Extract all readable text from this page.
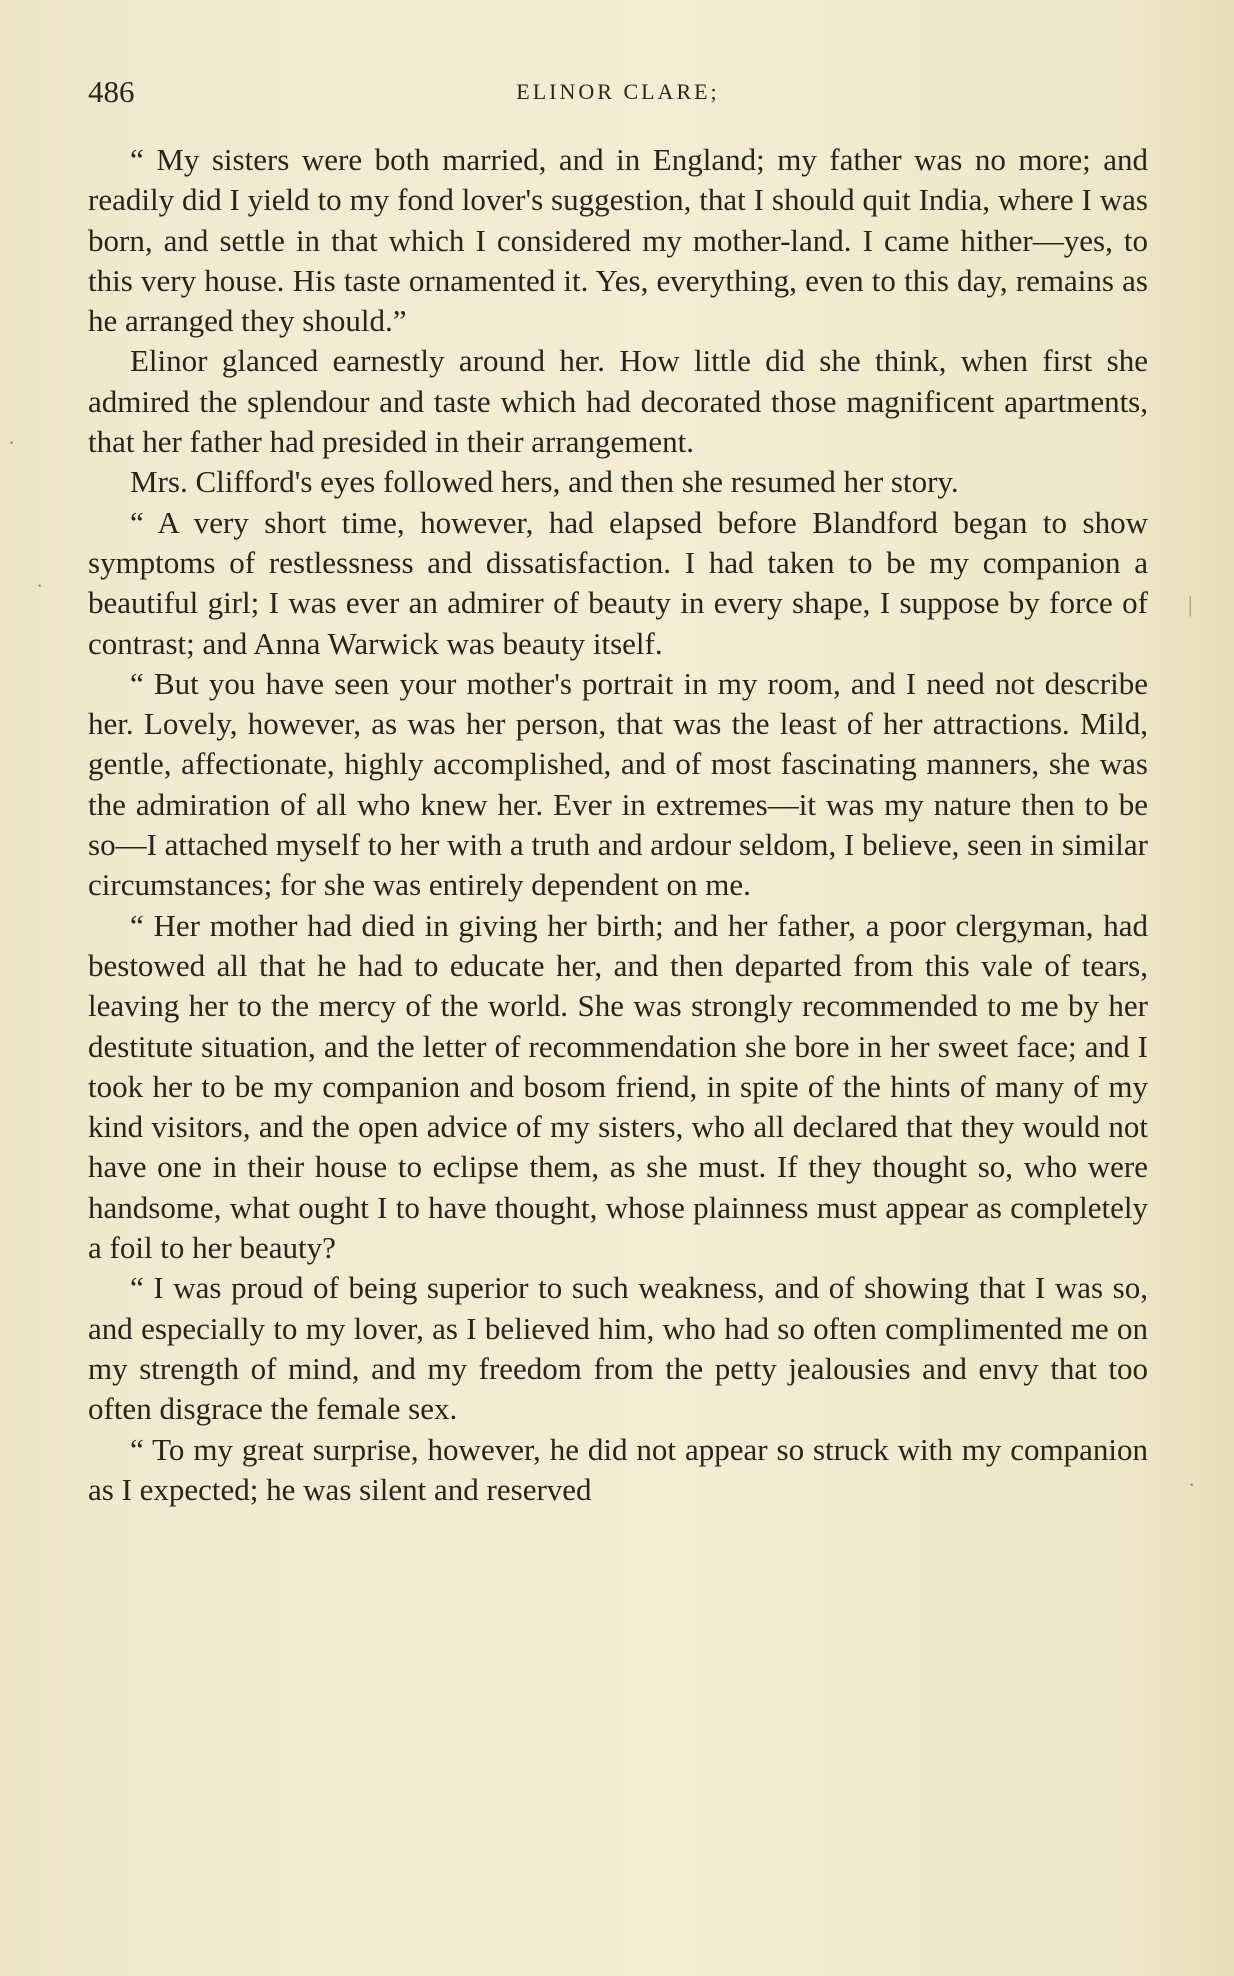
486	ELINOR CLARE;

“ My sisters were both married, and in England; my father was no more; and readily did I yield to my fond lover's suggestion, that I should quit India, where I was born, and settle in that which I considered my mother-land. I came hither—yes, to this very house. His taste ornamented it. Yes, everything, even to this day, remains as he arranged they should.”

Elinor glanced earnestly around her. How little did she think, when first she admired the splendour and taste which had decorated those magnificent apartments, that her father had presided in their arrangement.

Mrs. Clifford's eyes followed hers, and then she resumed her story.

“ A very short time, however, had elapsed before Blandford began to show symptoms of restlessness and dissatisfaction. I had taken to be my companion a beautiful girl; I was ever an admirer of beauty in every shape, I suppose by force of contrast; and Anna Warwick was beauty itself.

“ But you have seen your mother's portrait in my room, and I need not describe her. Lovely, however, as was her person, that was the least of her attractions. Mild, gentle, affectionate, highly accomplished, and of most fascinating manners, she was the admiration of all who knew her. Ever in extremes—it was my nature then to be so—I attached myself to her with a truth and ardour seldom, I believe, seen in similar circumstances; for she was entirely dependent on me.

“ Her mother had died in giving her birth; and her father, a poor clergyman, had bestowed all that he had to educate her, and then departed from this vale of tears, leaving her to the mercy of the world. She was strongly recommended to me by her destitute situation, and the letter of recommendation she bore in her sweet face; and I took her to be my companion and bosom friend, in spite of the hints of many of my kind visitors, and the open advice of my sisters, who all declared that they would not have one in their house to eclipse them, as she must. If they thought so, who were handsome, what ought I to have thought, whose plainness must appear as completely a foil to her beauty?

“ I was proud of being superior to such weakness, and of showing that I was so, and especially to my lover, as I believed him, who had so often complimented me on my strength of mind, and my freedom from the petty jealousies and envy that too often disgrace the female sex.

“ To my great surprise, however, he did not appear so struck with my companion as I expected; he was silent and reserved

·
·
|
·
